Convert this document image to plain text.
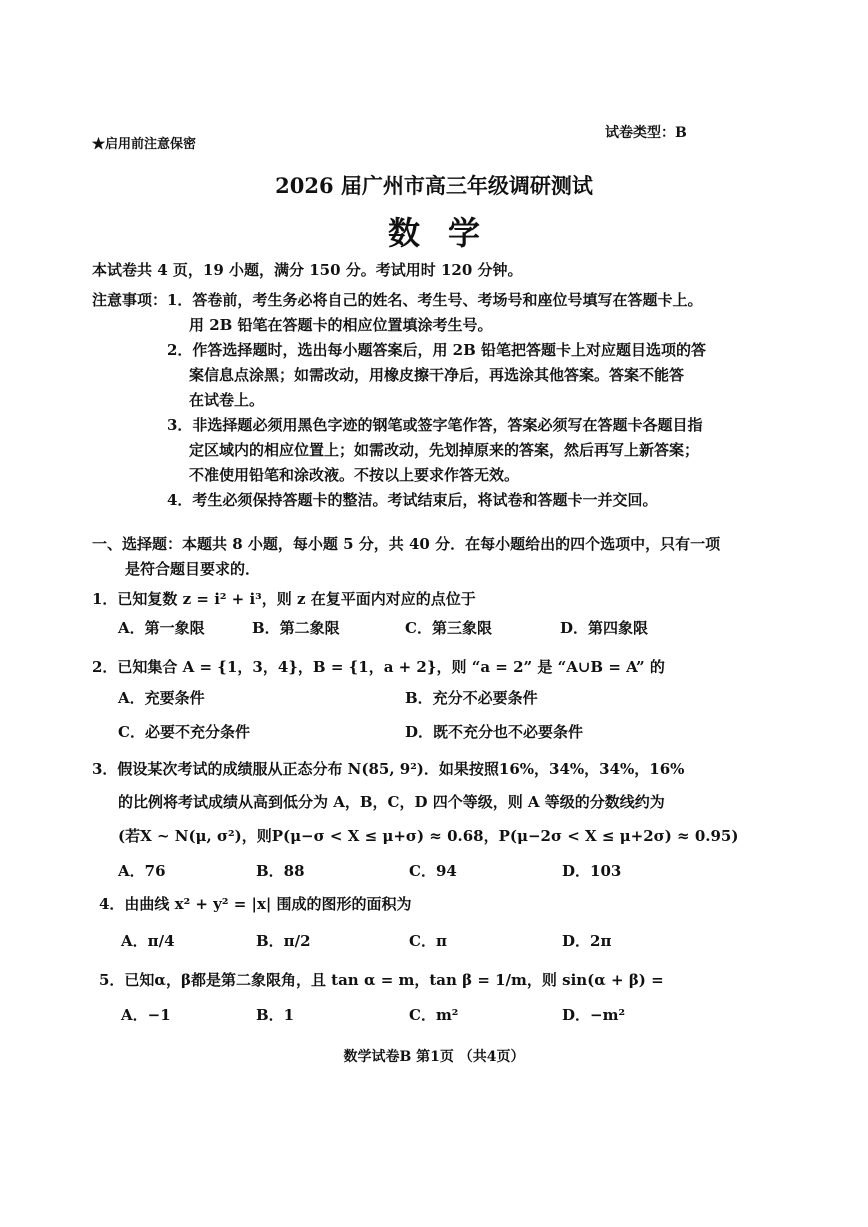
★启用前注意保密
试卷类型：B
2026 届广州市高三年级调研测试
数学
本试卷共 4 页，19 小题，满分 150 分。考试用时 120 分钟。
注意事项： 1．答卷前，考生务必将自己的姓名、考生号、考场号和座位号填写在答题卡上。
用 2B 铅笔在答题卡的相应位置填涂考生号。
2．作答选择题时，选出每小题答案后，用 2B 铅笔把答题卡上对应题目选项的答
案信息点涂黑；如需改动，用橡皮擦干净后，再选涂其他答案。答案不能答
在试卷上。
3．非选择题必须用黑色字迹的钢笔或签字笔作答，答案必须写在答题卡各题目指
定区域内的相应位置上；如需改动，先划掉原来的答案，然后再写上新答案；
不准使用铅笔和涂改液。不按以上要求作答无效。
4．考生必须保持答题卡的整洁。考试结束后，将试卷和答题卡一并交回。
一、选择题：本题共 8 小题，每小题 5 分，共 40 分．在每小题给出的四个选项中，只有一项
是符合题目要求的．
1．已知复数 z = i² + i³，则 z 在复平面内对应的点位于
A．第一象限	B．第二象限	C．第三象限	D．第四象限
2．已知集合 A = {1，3，4}，B = {1，a + 2}，则 “a = 2” 是 “A∪B = A” 的
A．充要条件	B．充分不必要条件
C．必要不充分条件	D．既不充分也不必要条件
3．假设某次考试的成绩服从正态分布 N(85, 9²)．如果按照16%，34%，34%，16%
的比例将考试成绩从高到低分为 A，B，C，D 四个等级，则 A 等级的分数线约为
(若X ~ N(μ, σ²)，则P(μ−σ < X ≤ μ+σ) ≈ 0.68，P(μ−2σ < X ≤ μ+2σ) ≈ 0.95)
A．76	B．88	C．94	D．103
4．由曲线 x² + y² = |x| 围成的图形的面积为
A．π/4	B．π/2	C．π	D．2π
5．已知α，β都是第二象限角，且 tan α = m，tan β = 1/m，则 sin(α + β) =
A．−1	B．1	C．m²	D．−m²
数学试卷B 第1页 （共4页）
